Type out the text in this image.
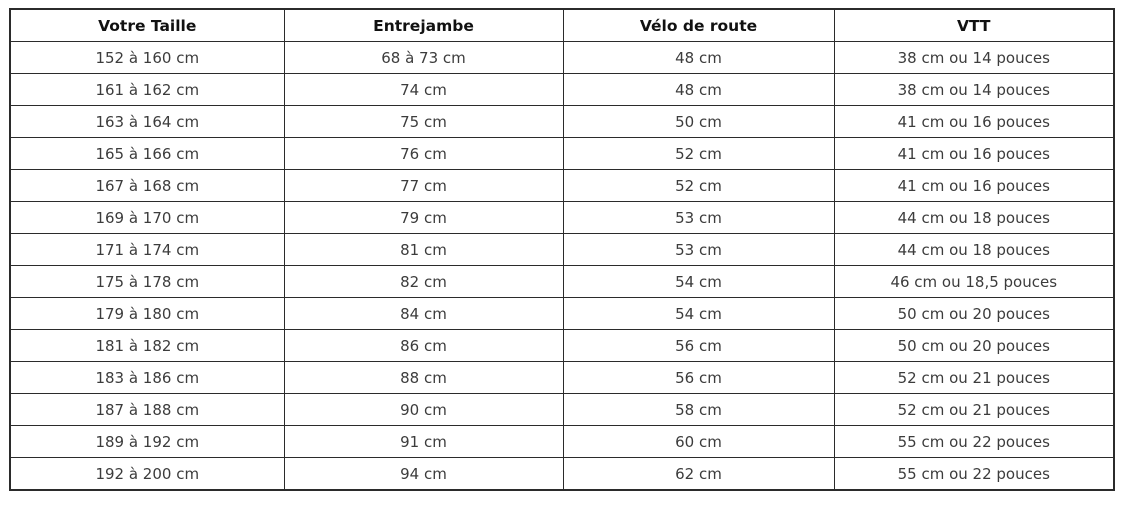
Votre Taille	Entrejambe	Vélo de route	VTT
152 à 160 cm	68 à 73 cm	48 cm	38 cm ou 14 pouces
161 à 162 cm	74 cm	48 cm	38 cm ou 14 pouces
163 à 164 cm	75 cm	50 cm	41 cm ou 16 pouces
165 à 166 cm	76 cm	52 cm	41 cm ou 16 pouces
167 à 168 cm	77 cm	52 cm	41 cm ou 16 pouces
169 à 170 cm	79 cm	53 cm	44 cm ou 18 pouces
171 à 174 cm	81 cm	53 cm	44 cm ou 18 pouces
175 à 178 cm	82 cm	54 cm	46 cm ou 18,5 pouces
179 à 180 cm	84 cm	54 cm	50 cm ou 20 pouces
181 à 182 cm	86 cm	56 cm	50 cm ou 20 pouces
183 à 186 cm	88 cm	56 cm	52 cm ou 21 pouces
187 à 188 cm	90 cm	58 cm	52 cm ou 21 pouces
189 à 192 cm	91 cm	60 cm	55 cm ou 22 pouces
192 à 200 cm	94 cm	62 cm	55 cm ou 22 pouces
